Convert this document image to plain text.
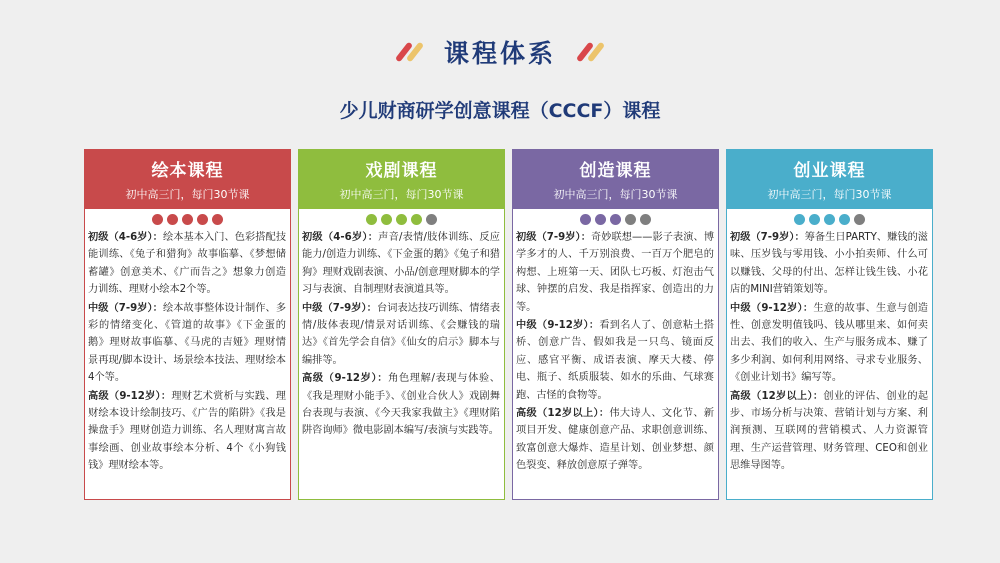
课程体系
少儿财商研学创意课程（CCCF）课程
绘本课程
初中高三门，每门30节课

初级（4-6岁）：绘本基本入门、色彩搭配技能训练、《兔子和猎狗》故事临摹、《梦想储蓄罐》创意美术、《广而告之》想象力创造力训练、理财小绘本2个等。

中级（7-9岁）：绘本故事整体设计制作、多彩的情绪变化、《管道的故事》《下金蛋的鹅》理财故事临摹、《马虎的吉娅》理财情景再现/脚本设计、场景绘本技法、理财绘本4个等。

高级（9-12岁）：理财艺术赏析与实践、理财绘本设计绘制技巧、《广告的陷阱》《我是操盘手》理财创造力训练、名人理财寓言故事绘画、创业故事绘本分析、4个《小狗钱钱》理财绘本等。

戏剧课程
初中高三门，每门30节课

初级（4-6岁）：声音/表情/肢体训练、反应能力/创造力训练、《下金蛋的鹅》《兔子和猎狗》理财戏剧表演、小品/创意理财脚本的学习与表演、自制理财表演道具等。

中级（7-9岁）：台词表达技巧训练、情绪表情/肢体表现/情景对话训练、《会赚钱的瑞达》《首先学会自信》《仙女的启示》脚本与编排等。

高级（9-12岁）：角色理解/表现与体验、《我是理财小能手》、《创业合伙人》戏剧舞台表现与表演、《今天我家我做主》《理财陷阱咨询师》微电影剧本编写/表演与实践等。

创造课程
初中高三门，每门30节课

初级（7-9岁）：奇妙联想——影子表演、博学多才的人、千万别浪费、一百万个肥皂的构想、上班第一天、团队七巧板、灯泡击气球、钟摆的启发、我是指挥家、创造出的力等。

中级（9-12岁）：看到名人了、创意粘土搭桥、创意广告、假如我是一只鸟、镜面反应、感官平衡、成语表演、摩天大楼、停电、瓶子、纸质服装、如水的乐曲、气球赛跑、古怪的食物等。

高级（12岁以上）：伟大诗人、文化节、新项目开发、健康创意产品、求职创意训练、致富创意大爆炸、造星计划、创业梦想、颜色裂变、释放创意原子弹等。

创业课程
初中高三门，每门30节课

初级（7-9岁）：筹备生日PARTY、赚钱的滋味、压岁钱与零用钱、小小拍卖师、什么可以赚钱、父母的付出、怎样让钱生钱、小花店的MINI营销策划等。

中级（9-12岁）：生意的故事、生意与创造性、创意发明值钱吗、钱从哪里来、如何卖出去、我们的收入、生产与服务成本、赚了多少利润、如何利用网络、寻求专业服务、《创业计划书》编写等。

高级（12岁以上）：创业的评估、创业的起步、市场分析与决策、营销计划与方案、利润预测、互联网的营销模式、人力资源管理、生产运营管理、财务管理、CEO和创业思维导图等。
